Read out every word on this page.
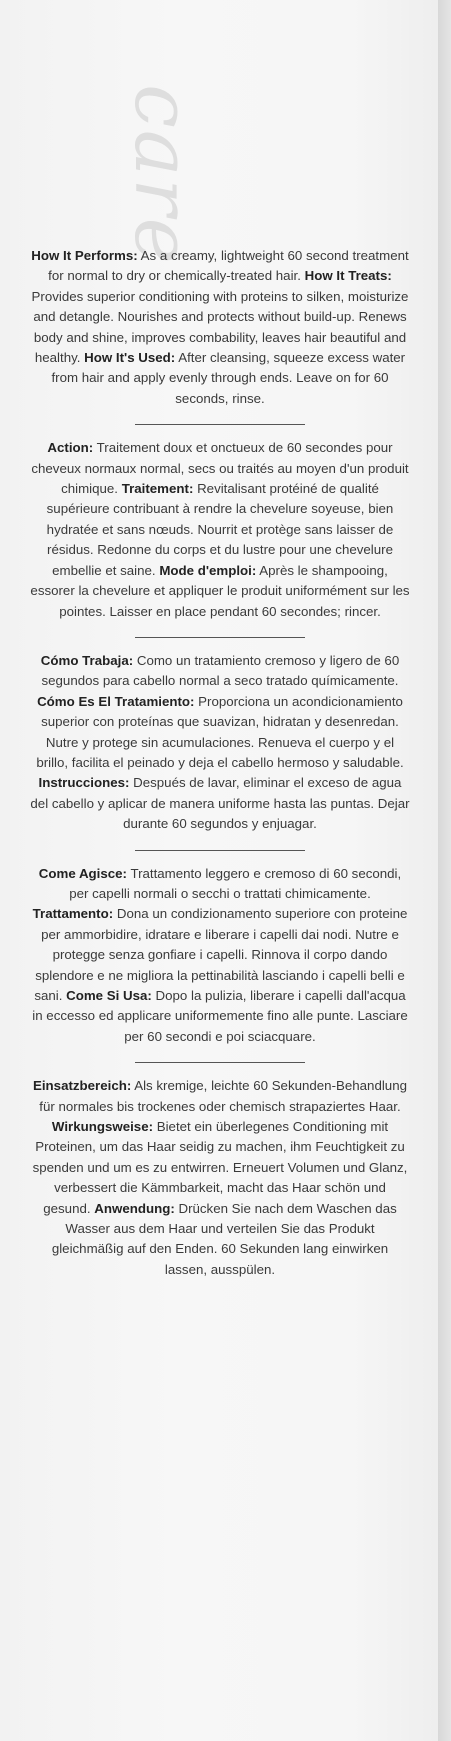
care

How It Performs: As a creamy, lightweight 60 second treatment for normal to dry or chemically-treated hair. How It Treats: Provides superior conditioning with proteins to silken, moisturize and detangle. Nourishes and protects without build-up. Renews body and shine, improves combability, leaves hair beautiful and healthy. How It's Used: After cleansing, squeeze excess water from hair and apply evenly through ends. Leave on for 60 seconds, rinse.

Action: Traitement doux et onctueux de 60 secondes pour cheveux normaux normal, secs ou traités au moyen d'un produit chimique. Traitement: Revitalisant protéiné de qualité supérieure contribuant à rendre la chevelure soyeuse, bien hydratée et sans nœuds. Nourrit et protège sans laisser de résidus. Redonne du corps et du lustre pour une chevelure embellie et saine. Mode d'emploi: Après le shampooing, essorer la chevelure et appliquer le produit uniformément sur les pointes. Laisser en place pendant 60 secondes; rincer.

Cómo Trabaja: Como un tratamiento cremoso y ligero de 60 segundos para cabello normal a seco tratado químicamente. Cómo Es El Tratamiento: Proporciona un acondicionamiento superior con proteínas que suavizan, hidratan y desenredan. Nutre y protege sin acumulaciones. Renueva el cuerpo y el brillo, facilita el peinado y deja el cabello hermoso y saludable. Instrucciones: Después de lavar, eliminar el exceso de agua del cabello y aplicar de manera uniforme hasta las puntas. Dejar durante 60 segundos y enjuagar.

Come Agisce: Trattamento leggero e cremoso di 60 secondi, per capelli normali o secchi o trattati chimicamente. Trattamento: Dona un condizionamento superiore con proteine per ammorbidire, idratare e liberare i capelli dai nodi. Nutre e protegge senza gonfiare i capelli. Rinnova il corpo dando splendore e ne migliora la pettinabilità lasciando i capelli belli e sani. Come Si Usa: Dopo la pulizia, liberare i capelli dall'acqua in eccesso ed applicare uniformemente fino alle punte. Lasciare per 60 secondi e poi sciacquare.

Einsatzbereich: Als kremige, leichte 60 Sekunden-Behandlung für normales bis trockenes oder chemisch strapaziertes Haar. Wirkungsweise: Bietet ein überlegenes Conditioning mit Proteinen, um das Haar seidig zu machen, ihm Feuchtigkeit zu spenden und um es zu entwirren. Erneuert Volumen und Glanz, verbessert die Kämmbarkeit, macht das Haar schön und gesund. Anwendung: Drücken Sie nach dem Waschen das Wasser aus dem Haar und verteilen Sie das Produkt gleichmäßig auf den Enden. 60 Sekunden lang einwirken lassen, ausspülen.
